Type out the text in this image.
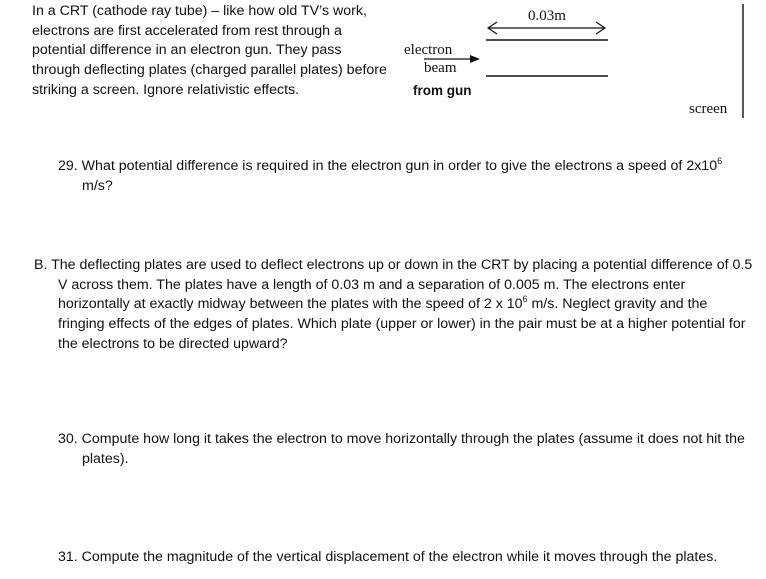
In a CRT (cathode ray tube) – like how old TV’s work, electrons are first accelerated from rest through a potential difference in an electron gun. They pass through deflecting plates (charged parallel plates) before striking a screen. Ignore relativistic effects.
0.03m
electron
beam
from gun
screen
29. What potential difference is required in the electron gun in order to give the electrons a speed of $2x10^6$ m/s?
B. The deflecting plates are used to deflect electrons up or down in the CRT by placing a potential difference of 0.5 V across them. The plates have a length of 0.03 m and a separation of 0.005 m. The electrons enter horizontally at exactly midway between the plates with the speed of 2 x $10^6$ m/s. Neglect gravity and the fringing effects of the edges of plates. Which plate (upper or lower) in the pair must be at a higher potential for the electrons to be directed upward?
30. Compute how long it takes the electron to move horizontally through the plates (assume it does not hit the plates).
31. Compute the magnitude of the vertical displacement of the electron while it moves through the plates.
